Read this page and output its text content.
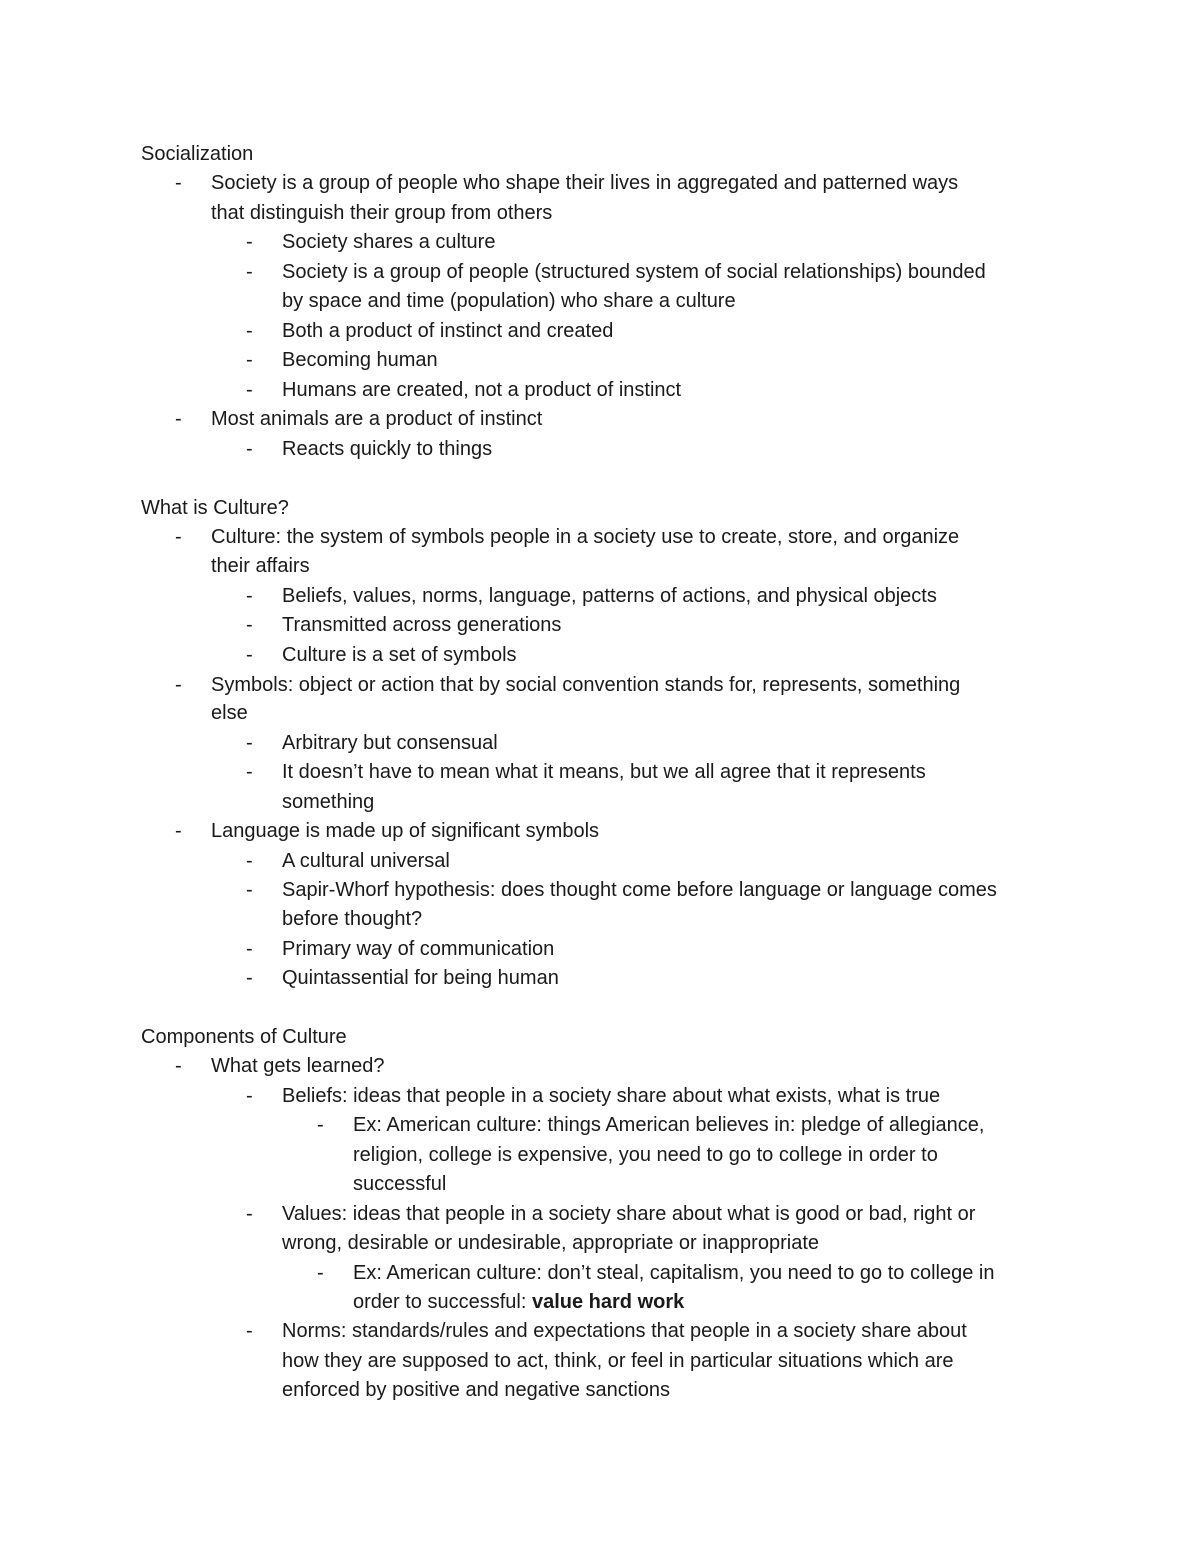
Socialization
- Society is a group of people who shape their lives in aggregated and patterned ways
that distinguish their group from others
- Society shares a culture
- Society is a group of people (structured system of social relationships) bounded
by space and time (population) who share a culture
- Both a product of instinct and created
- Becoming human
- Humans are created, not a product of instinct
- Most animals are a product of instinct
- Reacts quickly to things
What is Culture?
- Culture: the system of symbols people in a society use to create, store, and organize
their affairs
- Beliefs, values, norms, language, patterns of actions, and physical objects
- Transmitted across generations
- Culture is a set of symbols
- Symbols: object or action that by social convention stands for, represents, something
else
- Arbitrary but consensual
- It doesn’t have to mean what it means, but we all agree that it represents
something
- Language is made up of significant symbols
- A cultural universal
- Sapir-Whorf hypothesis: does thought come before language or language comes
before thought?
- Primary way of communication
- Quintassential for being human
Components of Culture
- What gets learned?
- Beliefs: ideas that people in a society share about what exists, what is true
- Ex: American culture: things American believes in: pledge of allegiance,
religion, college is expensive, you need to go to college in order to
successful
- Values: ideas that people in a society share about what is good or bad, right or
wrong, desirable or undesirable, appropriate or inappropriate
- Ex: American culture: don’t steal, capitalism, you need to go to college in
order to successful: value hard work
- Norms: standards/rules and expectations that people in a society share about
how they are supposed to act, think, or feel in particular situations which are
enforced by positive and negative sanctions
